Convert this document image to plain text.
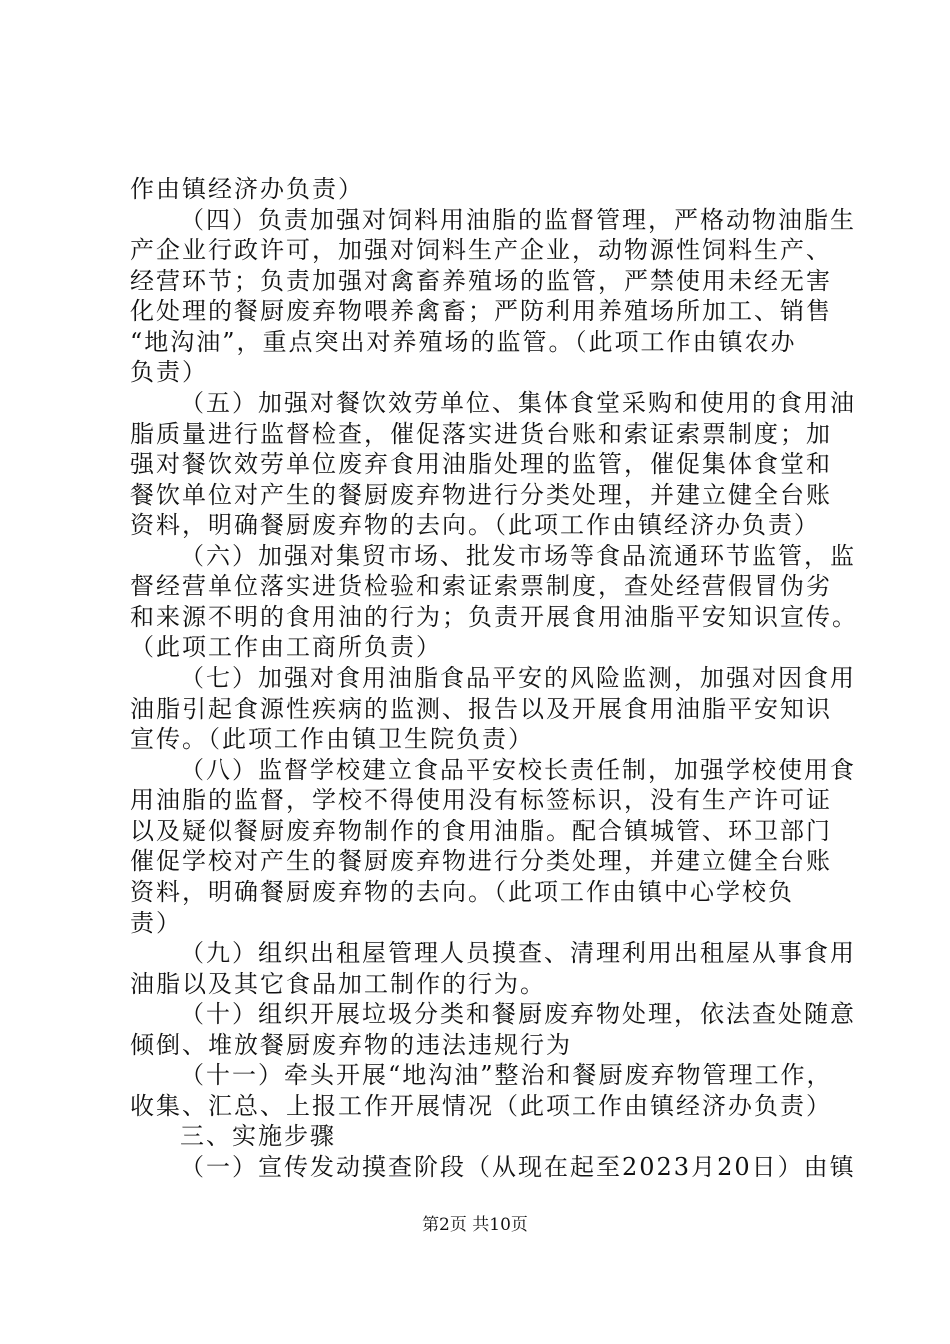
作由镇经济办负责）
（四）负责加强对饲料用油脂的监督管理，严格动物油脂生
产企业行政许可，加强对饲料生产企业，动物源性饲料生产、
经营环节；负责加强对禽畜养殖场的监管，严禁使用未经无害
化处理的餐厨废弃物喂养禽畜；严防利用养殖场所加工、销售
“地沟油”，重点突出对养殖场的监管。（此项工作由镇农办
负责）
（五）加强对餐饮效劳单位、集体食堂采购和使用的食用油
脂质量进行监督检查，催促落实进货台账和索证索票制度；加
强对餐饮效劳单位废弃食用油脂处理的监管，催促集体食堂和
餐饮单位对产生的餐厨废弃物进行分类处理，并建立健全台账
资料，明确餐厨废弃物的去向。（此项工作由镇经济办负责）
（六）加强对集贸市场、批发市场等食品流通环节监管，监
督经营单位落实进货检验和索证索票制度，查处经营假冒伪劣
和来源不明的食用油的行为；负责开展食用油脂平安知识宣传。
（此项工作由工商所负责）
（七）加强对食用油脂食品平安的风险监测，加强对因食用
油脂引起食源性疾病的监测、报告以及开展食用油脂平安知识
宣传。（此项工作由镇卫生院负责）
（八）监督学校建立食品平安校长责任制，加强学校使用食
用油脂的监督，学校不得使用没有标签标识，没有生产许可证
以及疑似餐厨废弃物制作的食用油脂。配合镇城管、环卫部门
催促学校对产生的餐厨废弃物进行分类处理，并建立健全台账
资料，明确餐厨废弃物的去向。（此项工作由镇中心学校负
责）
（九）组织出租屋管理人员摸查、清理利用出租屋从事食用
油脂以及其它食品加工制作的行为。
（十）组织开展垃圾分类和餐厨废弃物处理，依法查处随意
倾倒、堆放餐厨废弃物的违法违规行为
（十一）牵头开展“地沟油”整治和餐厨废弃物管理工作，
收集、汇总、上报工作开展情况（此项工作由镇经济办负责）
三、实施步骤
（一）宣传发动摸查阶段（从现在起至2023月20日）由镇
第2页 共10页
